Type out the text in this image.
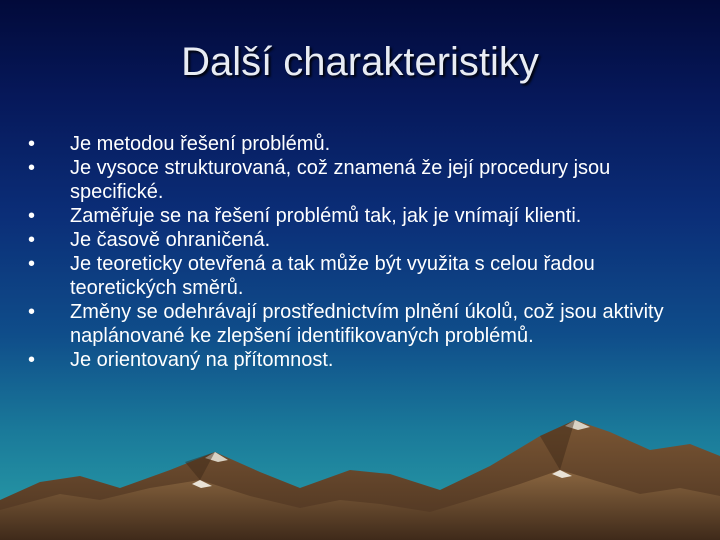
Další charakteristiky
•	Je metodou řešení problémů.
•	Je vysoce strukturovaná, což znamená že její procedury jsou specifické.
•	Zaměřuje se na řešení problémů tak, jak je vnímají klienti.
•	Je časově ohraničená.
•	Je teoreticky otevřená a tak může být využita s celou řadou teoretických směrů.
•	Změny se odehrávají prostřednictvím plnění úkolů, což jsou aktivity naplánované ke zlepšení identifikovaných problémů.
•	Je orientovaný na přítomnost.
